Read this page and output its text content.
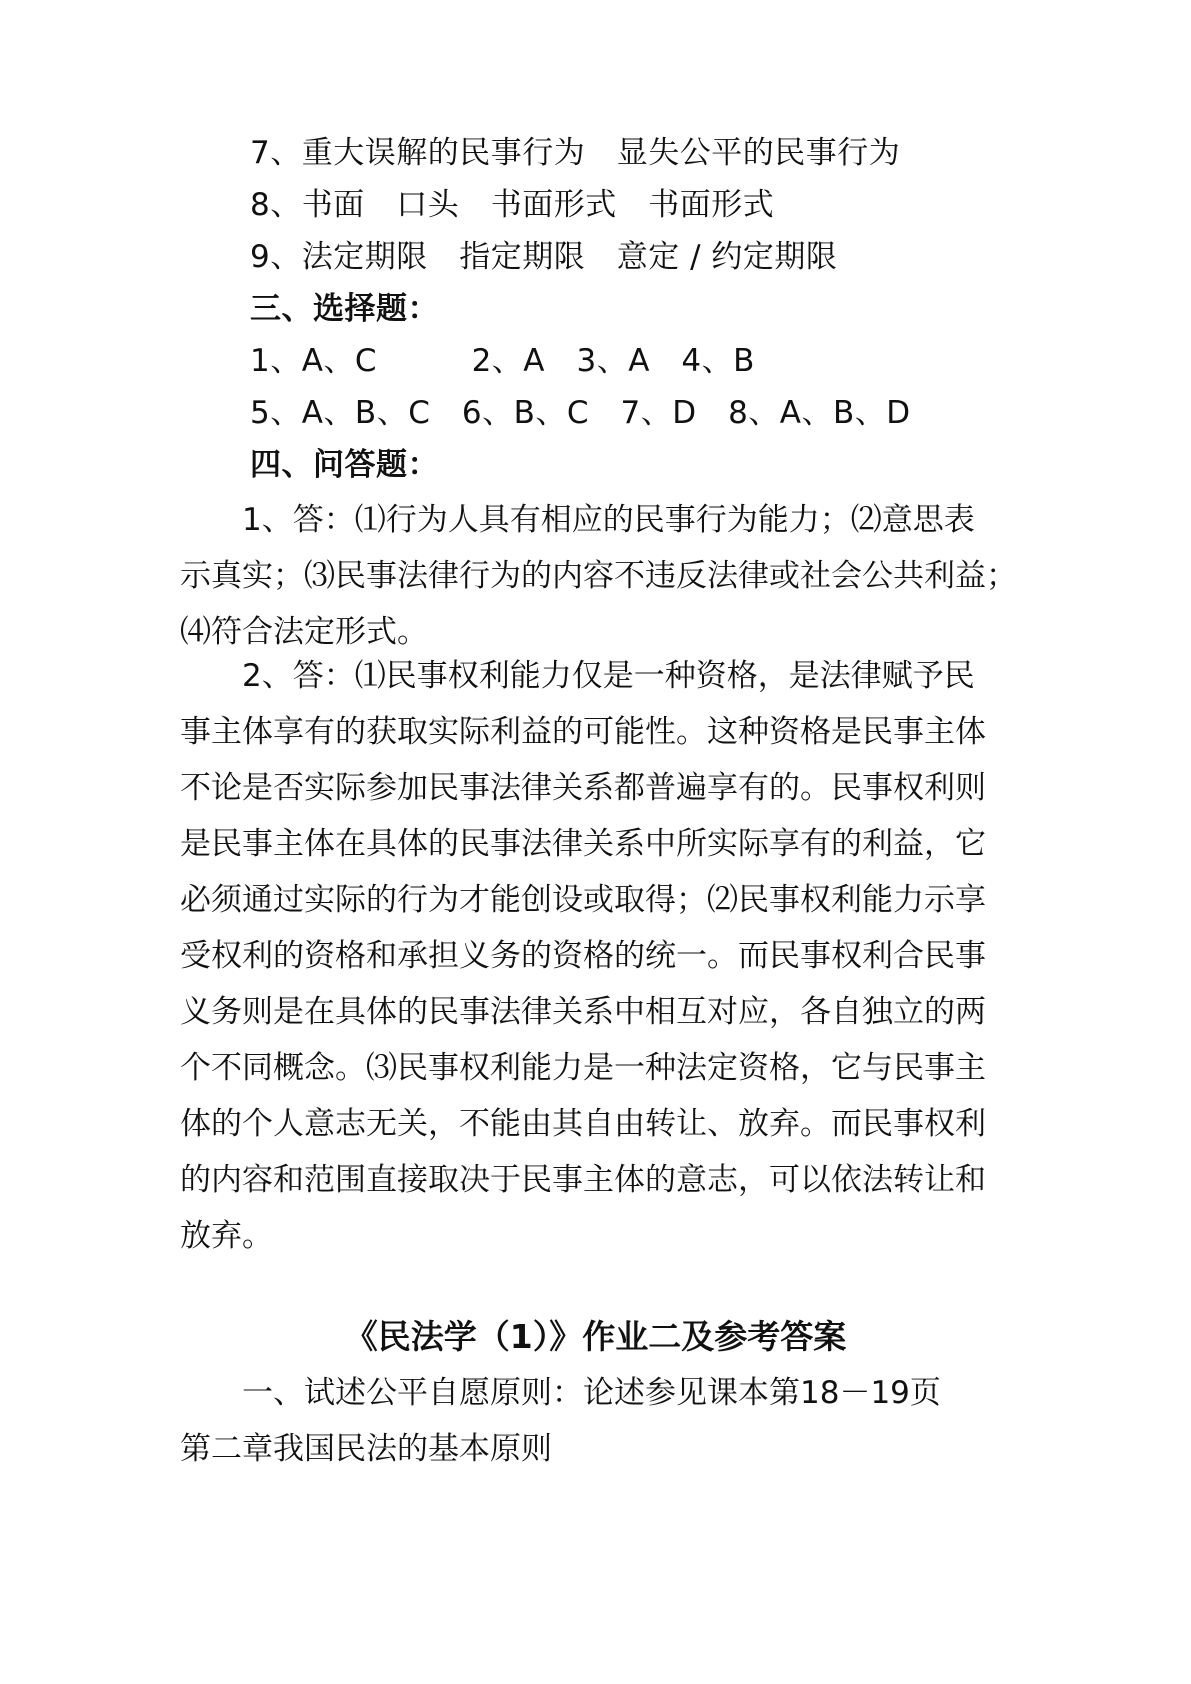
7、重大误解的民事行为　显失公平的民事行为
8、书面　口头　书面形式　书面形式
9、法定期限　指定期限　意定 / 约定期限
三、选择题：
1、A、C　　　2、A　3、A　4、B
5、A、B、C　6、B、C　7、D　8、A、B、D
四、问答题：
　　1、答：⑴行为人具有相应的民事行为能力；⑵意思表
示真实；⑶民事法律行为的内容不违反法律或社会公共利益；
⑷符合法定形式。
　　2、答：⑴民事权利能力仅是一种资格，是法律赋予民
事主体享有的获取实际利益的可能性。这种资格是民事主体
不论是否实际参加民事法律关系都普遍享有的。民事权利则
是民事主体在具体的民事法律关系中所实际享有的利益，它
必须通过实际的行为才能创设或取得；⑵民事权利能力示享
受权利的资格和承担义务的资格的统一。而民事权利合民事
义务则是在具体的民事法律关系中相互对应，各自独立的两
个不同概念。⑶民事权利能力是一种法定资格，它与民事主
体的个人意志无关，不能由其自由转让、放弃。而民事权利
的内容和范围直接取决于民事主体的意志，可以依法转让和
放弃。
《民法学（1）》作业二及参考答案
　　一、试述公平自愿原则：论述参见课本第18－19页
第二章我国民法的基本原则
